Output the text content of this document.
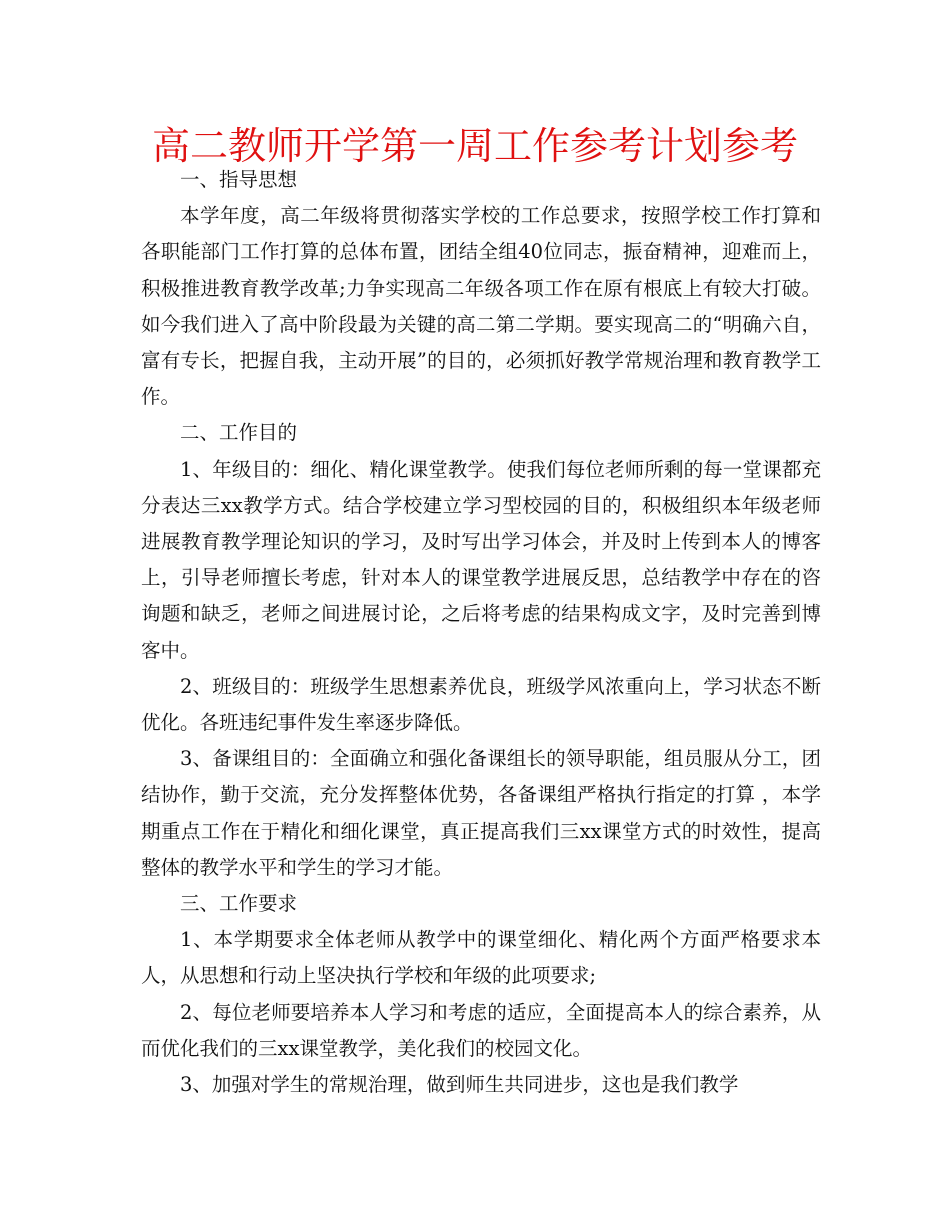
高二教师开学第一周工作参考计划参考

一、指导思想

本学年度，高二年级将贯彻落实学校的工作总要求，按照学校工作打算和各职能部门工作打算的总体布置，团结全组40位同志，振奋精神，迎难而上，积极推进教育教学改革;力争实现高二年级各项工作在原有根底上有较大打破。如今我们进入了高中阶段最为关键的高二第二学期。要实现高二的“明确六自，富有专长，把握自我，主动开展”的目的，必须抓好教学常规治理和教育教学工作。

二、工作目的

1、年级目的：细化、精化课堂教学。使我们每位老师所剩的每一堂课都充分表达三xx教学方式。结合学校建立学习型校园的目的，积极组织本年级老师进展教育教学理论知识的学习，及时写出学习体会，并及时上传到本人的博客上，引导老师擅长考虑，针对本人的课堂教学进展反思，总结教学中存在的咨询题和缺乏，老师之间进展讨论，之后将考虑的结果构成文字，及时完善到博客中。

2、班级目的：班级学生思想素养优良，班级学风浓重向上，学习状态不断优化。各班违纪事件发生率逐步降低。

3、备课组目的：全面确立和强化备课组长的领导职能，组员服从分工，团结协作，勤于交流，充分发挥整体优势，各备课组严格执行指定的打算 ，本学期重点工作在于精化和细化课堂，真正提高我们三xx课堂方式的时效性，提高整体的教学水平和学生的学习才能。

三、工作要求

1、本学期要求全体老师从教学中的课堂细化、精化两个方面严格要求本人，从思想和行动上坚决执行学校和年级的此项要求;

2、每位老师要培养本人学习和考虑的适应，全面提高本人的综合素养，从而优化我们的三xx课堂教学，美化我们的校园文化。

3、加强对学生的常规治理，做到师生共同进步，这也是我们教学
